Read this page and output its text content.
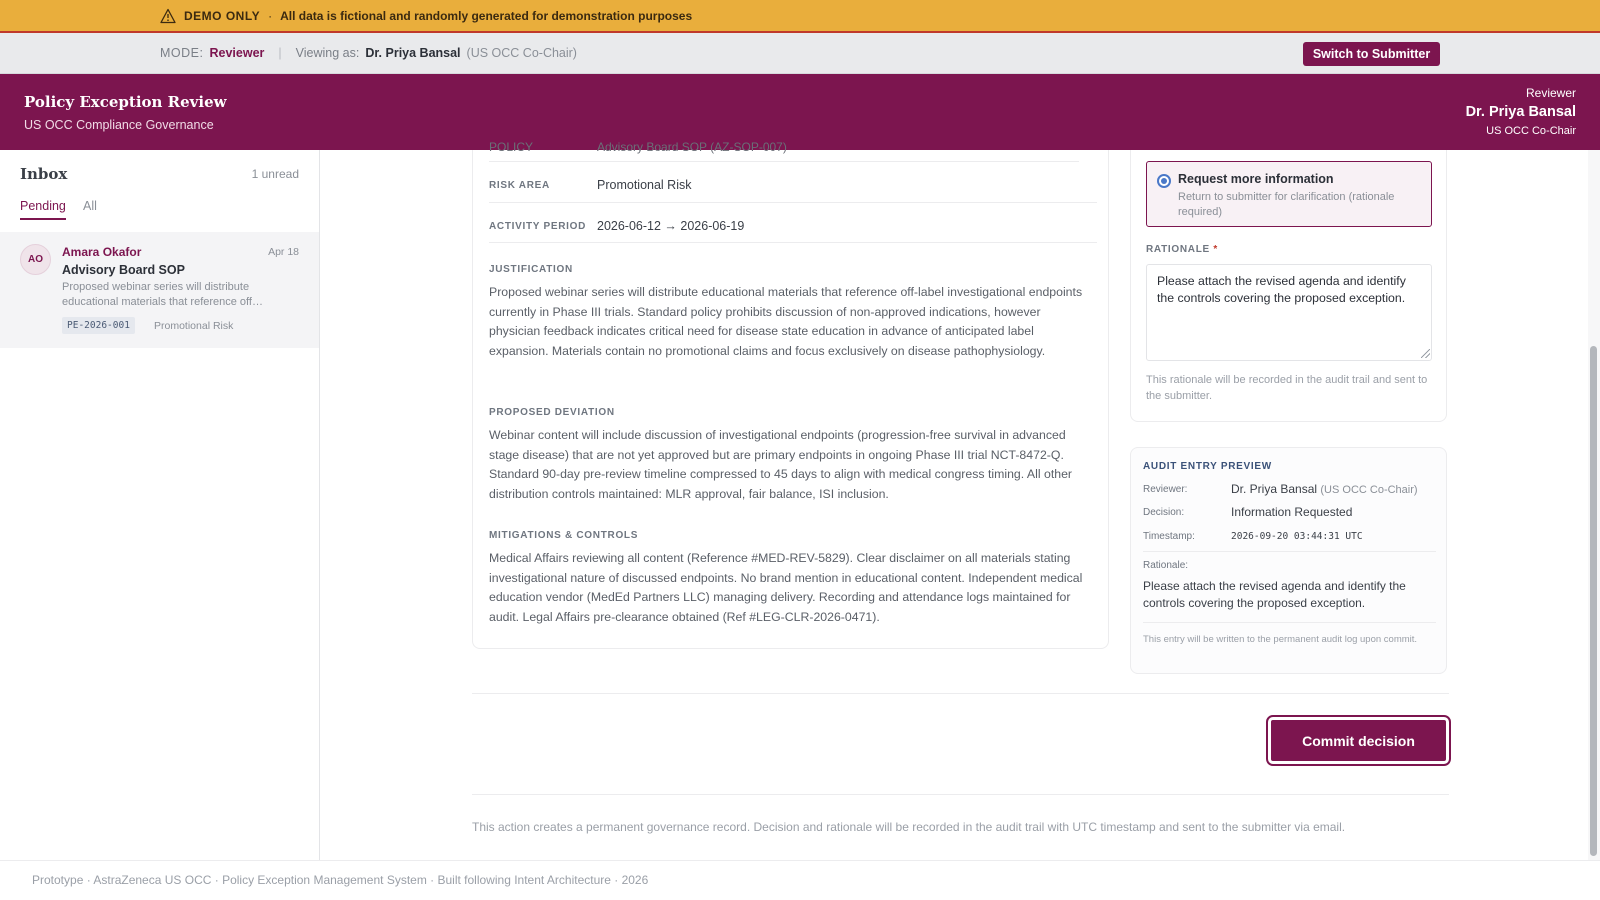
DEMO ONLY · All data is fictional and randomly generated for demonstration purposes
MODE: Reviewer | Viewing as: Dr. Priya Bansal (US OCC Co-Chair)	Switch to Submitter
Policy Exception Review
US OCC Compliance Governance
Reviewer
Dr. Priya Bansal
US OCC Co-Chair
Inbox	1 unread
Pending All
AO
Amara Okafor	Apr 18
Advisory Board SOP
Proposed webinar series will distribute educational materials that reference off…
PE-2026-001	Promotional Risk
POLICY	Advisory Board SOP (AZ-SOP-007)
RISK AREA	Promotional Risk
ACTIVITY PERIOD 2026-06-12 → 2026-06-19
JUSTIFICATION
Proposed webinar series will distribute educational materials that reference off-label investigational endpoints currently in Phase III trials. Standard policy prohibits discussion of non-approved indications, however physician feedback indicates critical need for disease state education in advance of anticipated label expansion. Materials contain no promotional claims and focus exclusively on disease pathophysiology.
PROPOSED DEVIATION
Webinar content will include discussion of investigational endpoints (progression-free survival in advanced stage disease) that are not yet approved but are primary endpoints in ongoing Phase III trial NCT-8472-Q. Standard 90-day pre-review timeline compressed to 45 days to align with medical congress timing. All other distribution controls maintained: MLR approval, fair balance, ISI inclusion.
MITIGATIONS & CONTROLS
Medical Affairs reviewing all content (Reference #MED-REV-5829). Clear disclaimer on all materials stating investigational nature of discussed endpoints. No brand mention in educational content. Independent medical education vendor (MedEd Partners LLC) managing delivery. Recording and attendance logs maintained for audit. Legal Affairs pre-clearance obtained (Ref #LEG-CLR-2026-0471).
Request more information
Return to submitter for clarification (rationale required)
RATIONALE *
Please attach the revised agenda and identify the controls covering the proposed exception.
This rationale will be recorded in the audit trail and sent to the submitter.
AUDIT ENTRY PREVIEW
Reviewer:	Dr. Priya Bansal (US OCC Co-Chair)
Decision:	Information Requested
Timestamp:	2026-09-20 03:44:31 UTC
Rationale:
Please attach the revised agenda and identify the controls covering the proposed exception.
This entry will be written to the permanent audit log upon commit.
Commit decision
This action creates a permanent governance record. Decision and rationale will be recorded in the audit trail with UTC timestamp and sent to the submitter via email.
Prototype · AstraZeneca US OCC · Policy Exception Management System · Built following Intent Architecture · 2026
